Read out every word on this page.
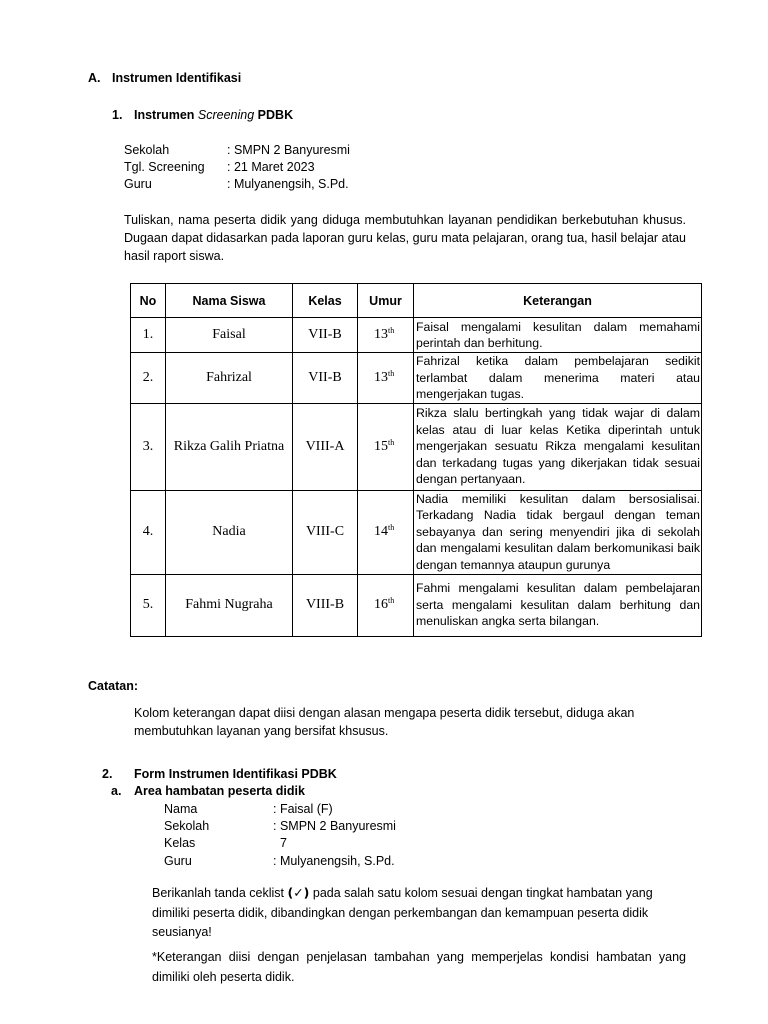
A. Instrumen Identifikasi
1. Instrumen Screening PDBK
Sekolah	: SMPN 2 Banyuresmi
Tgl. Screening : 21 Maret 2023
Guru	: Mulyanengsih, S.Pd.
Tuliskan, nama peserta didik yang diduga membutuhkan layanan pendidikan berkebutuhan khusus. Dugaan dapat didasarkan pada laporan guru kelas, guru mata pelajaran, orang tua, hasil belajar atau hasil raport siswa.
No	Nama Siswa	Kelas	Umur	Keterangan
1.	Faisal	VII-B	13th	Faisal mengalami kesulitan dalam memahami perintah dan berhitung.
2.	Fahrizal	VII-B	13th	Fahrizal ketika dalam pembelajaran sedikit terlambat dalam menerima materi atau mengerjakan tugas.
3.	Rikza Galih Priatna	VIII-A	15th	Rikza slalu bertingkah yang tidak wajar di dalam kelas atau di luar kelas Ketika diperintah untuk mengerjakan sesuatu Rikza mengalami kesulitan dan terkadang tugas yang dikerjakan tidak sesuai dengan pertanyaan.
4.	Nadia	VIII-C	14th	Nadia memiliki kesulitan dalam bersosialisai. Terkadang Nadia tidak bergaul dengan teman sebayanya dan sering menyendiri jika di sekolah dan mengalami kesulitan dalam berkomunikasi baik dengan temannya ataupun gurunya
5.	Fahmi Nugraha	VIII-B	16th	Fahmi mengalami kesulitan dalam pembelajaran serta mengalami kesulitan dalam berhitung dan menuliskan angka serta bilangan.
Catatan:
Kolom keterangan dapat diisi dengan alasan mengapa peserta didik tersebut, diduga akan membutuhkan layanan yang bersifat khsusus.
2. Form Instrumen Identifikasi PDBK
a. Area hambatan peserta didik
Nama	: Faisal (F)
Sekolah	: SMPN 2 Banyuresmi
Kelas	7
Guru	: Mulyanengsih, S.Pd.
Berikanlah tanda ceklist (✓) pada salah satu kolom sesuai dengan tingkat hambatan yang dimiliki peserta didik, dibandingkan dengan perkembangan dan kemampuan peserta didik seusianya!
*Keterangan diisi dengan penjelasan tambahan yang memperjelas kondisi hambatan yang dimiliki oleh peserta didik.
